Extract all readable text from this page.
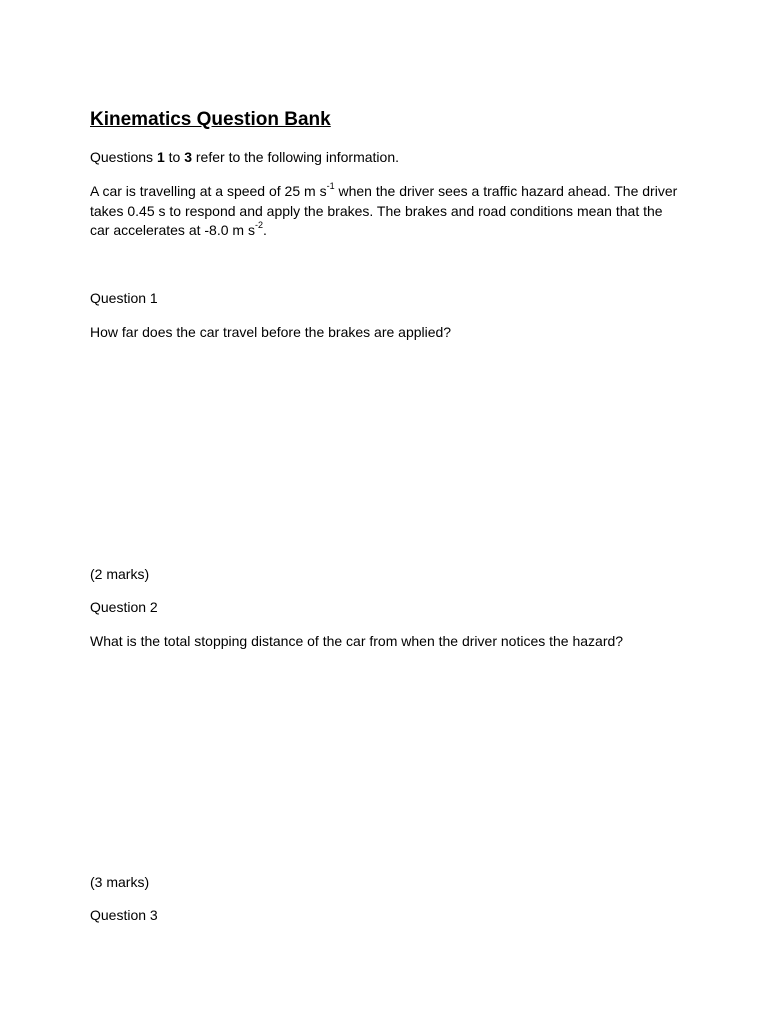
Kinematics Question Bank

Questions 1 to 3 refer to the following information.

A car is travelling at a speed of 25 m $s^{-1}$ when the driver sees a traffic hazard ahead. The driver takes 0.45 s to respond and apply the brakes. The brakes and road conditions mean that the car accelerates at -8.0 m $s^{-2}$.

Question 1

How far does the car travel before the brakes are applied?

(2 marks)

Question 2

What is the total stopping distance of the car from when the driver notices the hazard?

(3 marks)

Question 3
